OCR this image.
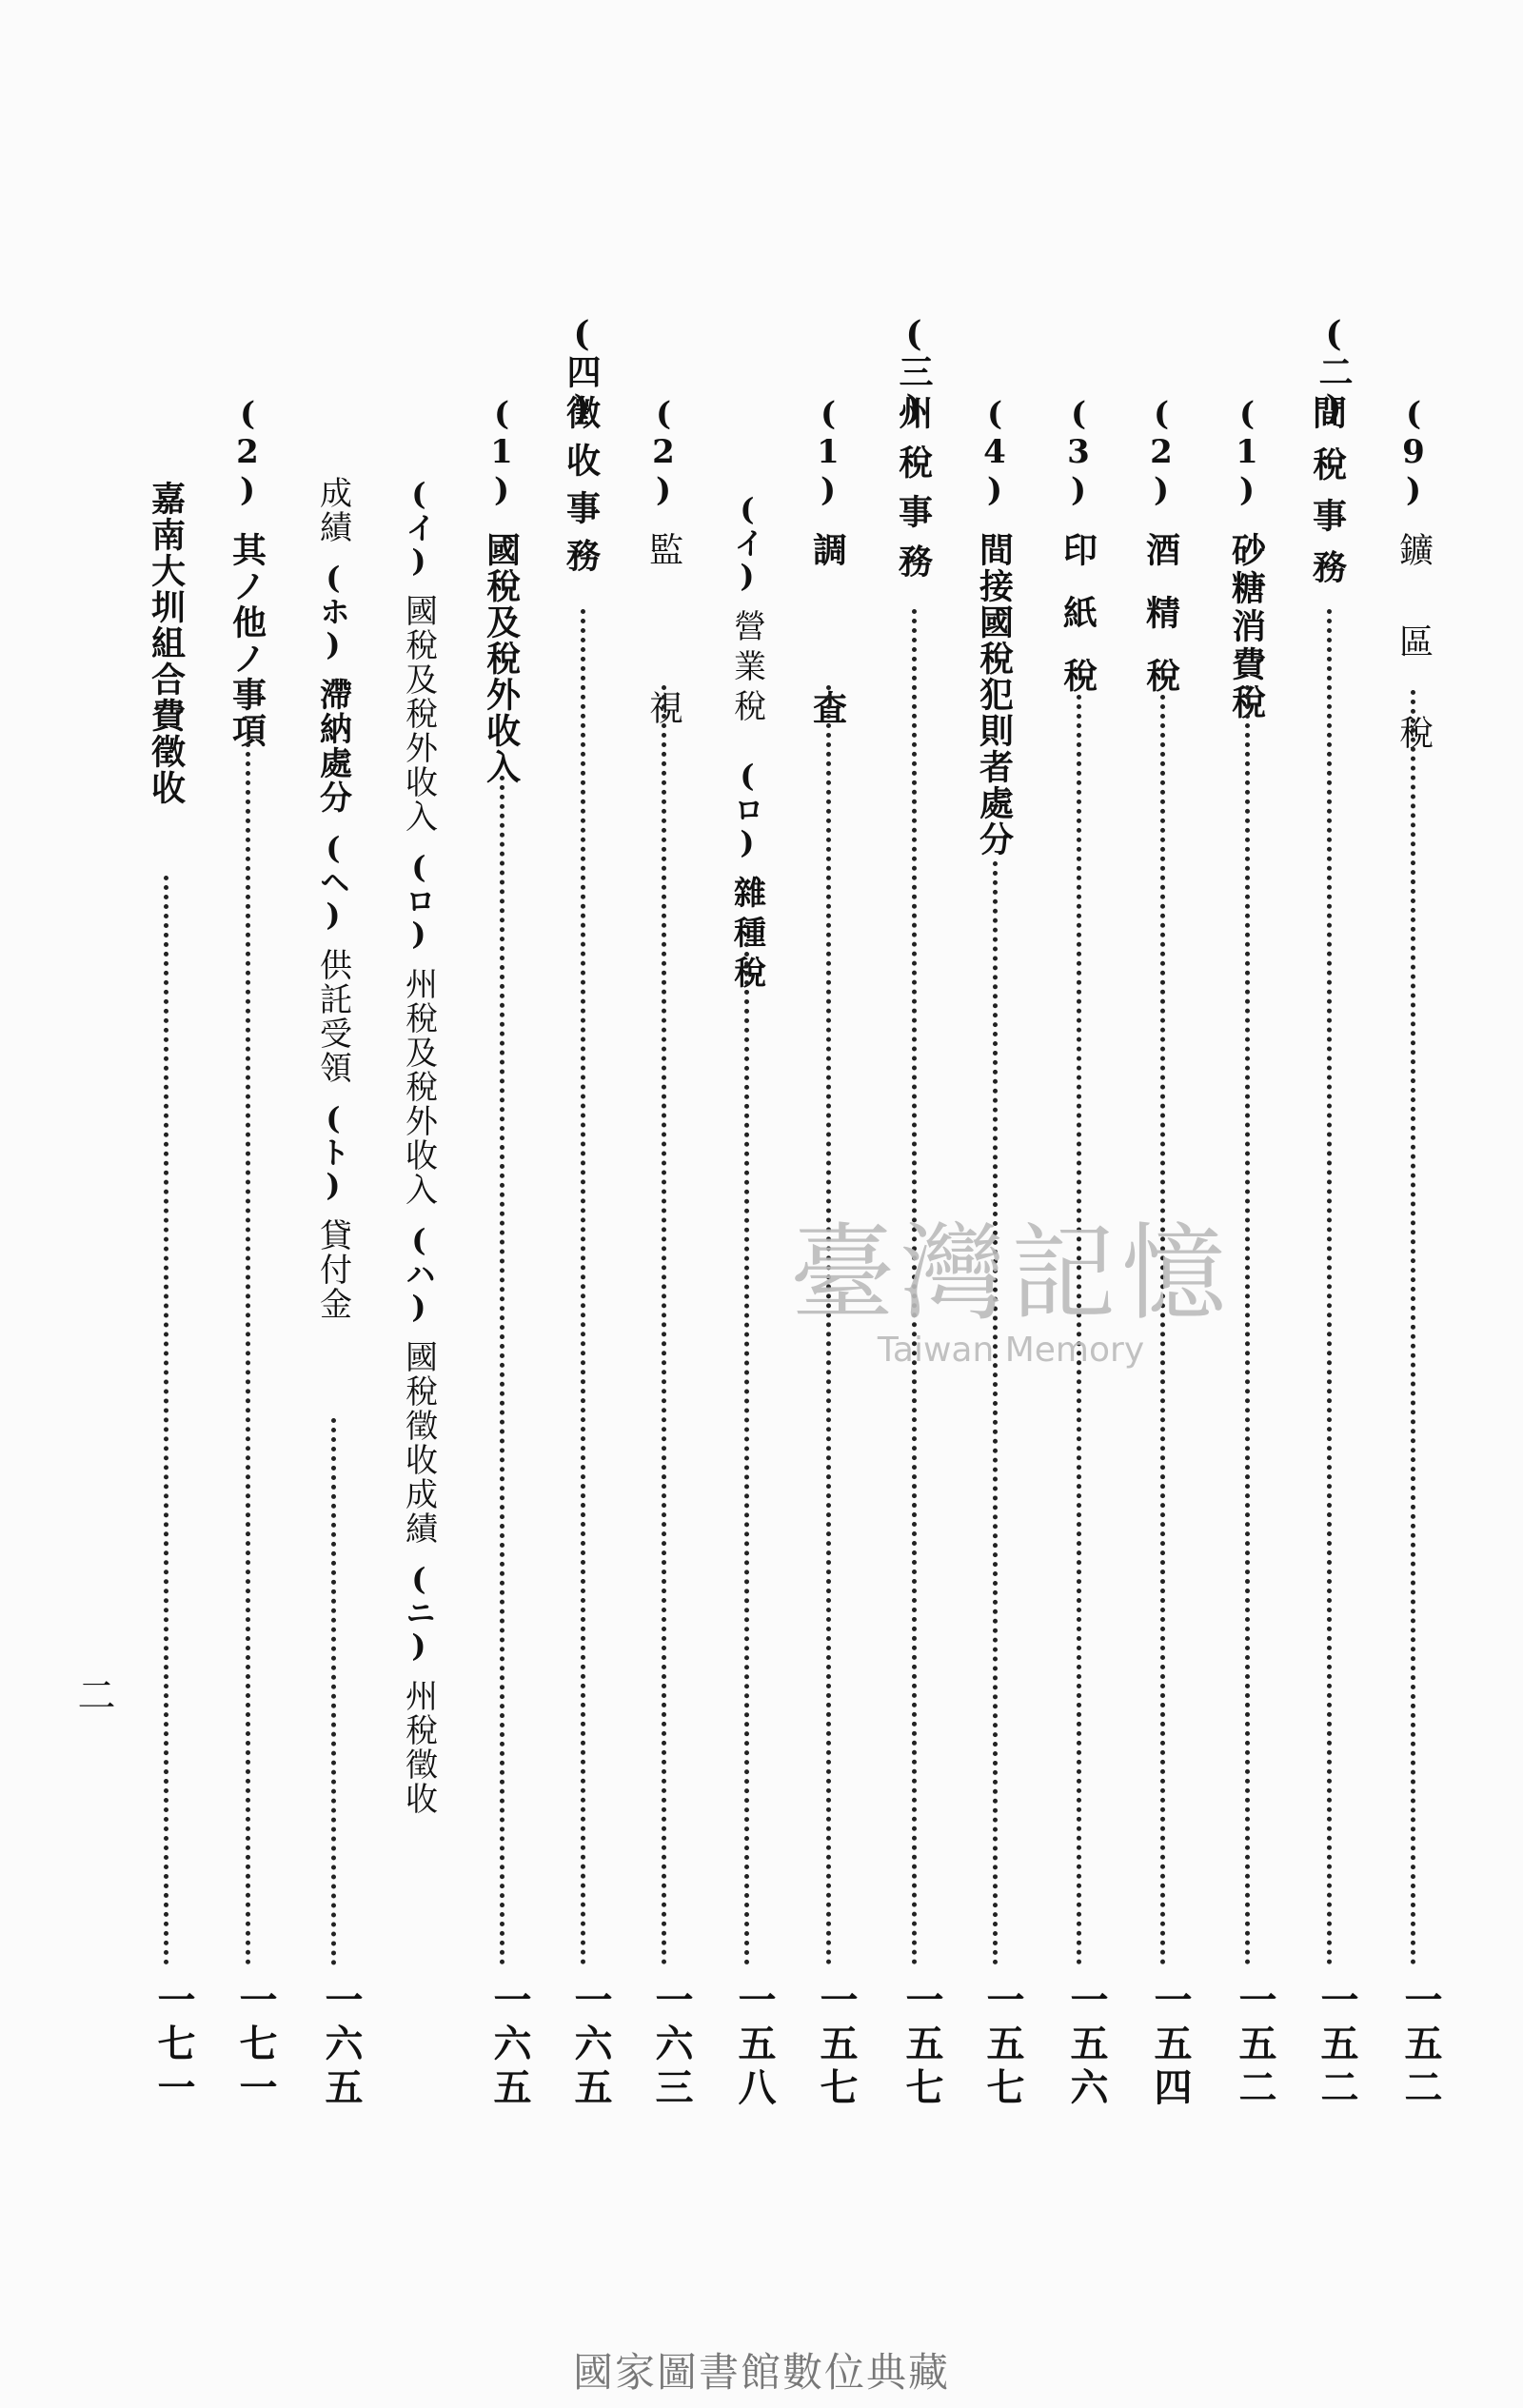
(二)
(三)
(四)
(9)
鑛區稅
一五二
間稅事務
一五二
(1)
砂糖消費稅
一五二
(2)
酒精稅
一五四
(3)
印紙稅
一五六
(4)
間接國稅犯則者處分
一五七
州稅事務
一五七
(1)
調査
一五七
(イ)
營業稅
(ロ)
雜種稅
一五八
(2)
監視
一六三
徵收事務
一六五
(1)
國稅及稅外收入
一六五
(イ)
國稅及稅外收入
(ロ)
州稅及稅外收入
(ハ)
國稅徵收成績
(ニ)
州稅徵收
成績
(ホ)
滯納處分
(ヘ)
供託受領
(ト)
貸付金
一六五
(2)
其ノ他ノ事項
一七一
嘉南大圳組合費徵收
一七一
二
臺灣記憶
Taiwan Memory
國家圖書館數位典藏
